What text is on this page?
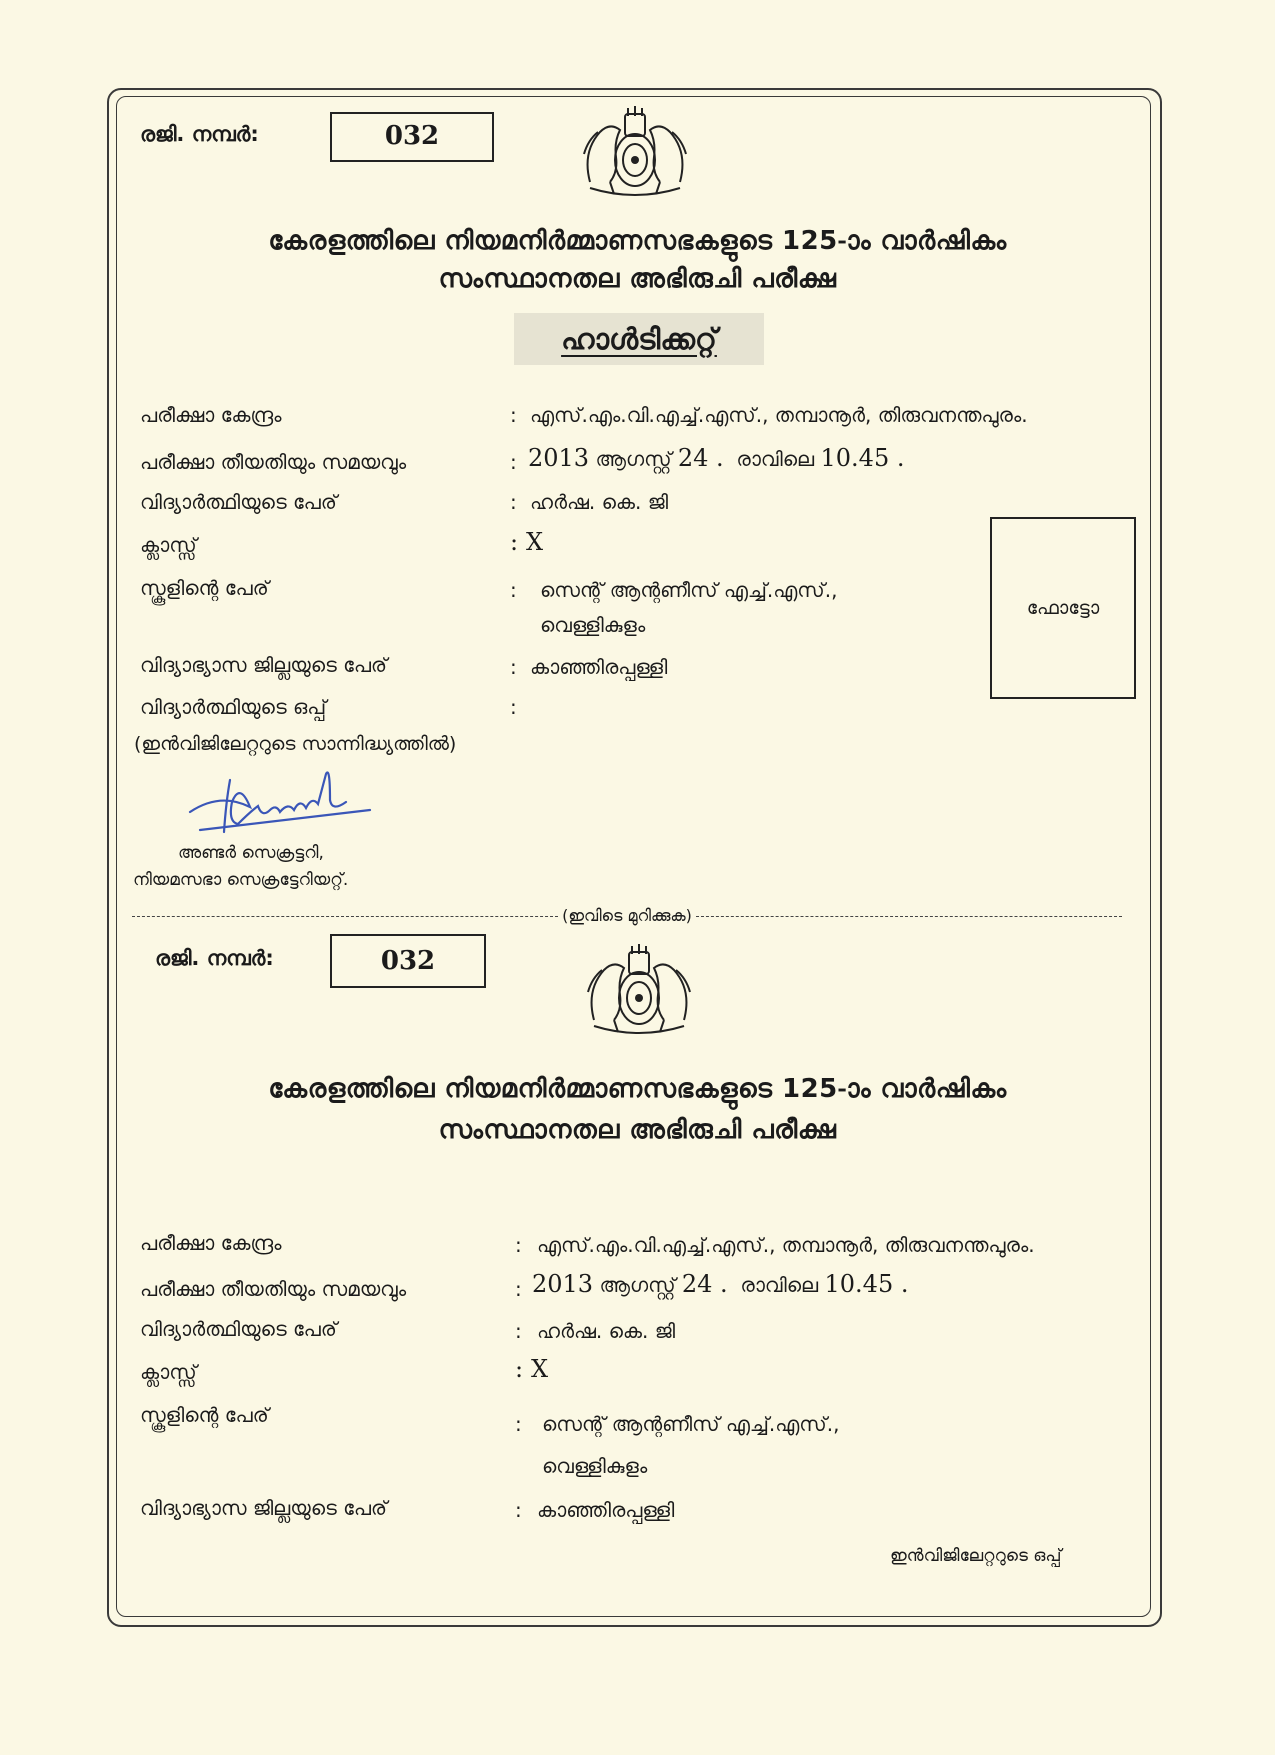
രജി. നമ്പർ:	032
കേരളത്തിലെ നിയമനിർമ്മാണസഭകളുടെ 125-ാം വാർഷികം
സംസ്ഥാനതല അഭിരുചി പരീക്ഷ
ഹാൾടിക്കറ്റ്
പരീക്ഷാ കേന്ദ്രം	: എസ്.എം.വി.എച്ച്.എസ്., തമ്പാനൂർ, തിരുവനന്തപുരം.
പരീക്ഷാ തീയതിയും സമയവും	: 2013 ആഗസ്റ്റ് 24 . രാവിലെ 10.45 .
വിദ്യാർത്ഥിയുടെ പേര്	: ഹർഷ. കെ. ജി
ക്ലാസ്സ്	: X
സ്കൂളിന്റെ പേര്	: സെന്റ് ആന്റണീസ് എച്ച്.എസ്.,
വെള്ളികുളം
വിദ്യാഭ്യാസ ജില്ലയുടെ പേര്	: കാഞ്ഞിരപ്പള്ളി
വിദ്യാർത്ഥിയുടെ ഒപ്പ്	:
(ഇൻവിജിലേറ്ററുടെ സാന്നിദ്ധ്യത്തിൽ)
ഫോട്ടോ
അണ്ടർ സെക്രട്ടറി,
നിയമസഭാ സെക്രട്ടേറിയറ്റ്.
(ഇവിടെ മുറിക്കുക)
രജി. നമ്പർ:	032
കേരളത്തിലെ നിയമനിർമ്മാണസഭകളുടെ 125-ാം വാർഷികം
സംസ്ഥാനതല അഭിരുചി പരീക്ഷ
പരീക്ഷാ കേന്ദ്രം	: എസ്.എം.വി.എച്ച്.എസ്., തമ്പാനൂർ, തിരുവനന്തപുരം.
പരീക്ഷാ തീയതിയും സമയവും	: 2013 ആഗസ്റ്റ് 24 . രാവിലെ 10.45 .
വിദ്യാർത്ഥിയുടെ പേര്	: ഹർഷ. കെ. ജി
ക്ലാസ്സ്	: X
സ്കൂളിന്റെ പേര്	: സെന്റ് ആന്റണീസ് എച്ച്.എസ്.,
വെള്ളികുളം
വിദ്യാഭ്യാസ ജില്ലയുടെ പേര്	: കാഞ്ഞിരപ്പള്ളി
ഇൻവിജിലേറ്ററുടെ ഒപ്പ്
